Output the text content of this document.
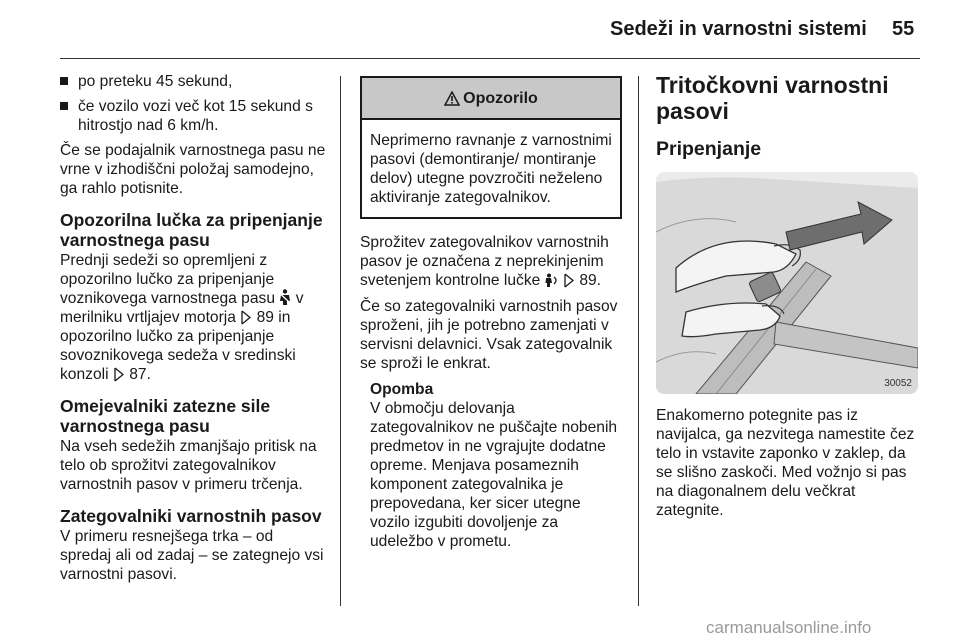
Sedeži in varnostni sistemi 55
po preteku 45 sekund,
če vozilo vozi več kot 15 sekund s hitrostjo nad 6 km/h.

Če se podajalnik varnostnega pasu ne vrne v izhodiščni položaj samodejno, ga rahlo potisnite.

Opozorilna lučka za pripenjanje varnostnega pasu

Prednji sedeži so opremljeni z opozorilno lučko za pripenjanje voznikovega varnostnega pasu v merilniku vrtljajev motorja 89 in opozorilno lučko za pripenjanje sovoznikovega sedeža v sredinski konzoli 87.

Omejevalniki zatezne sile varnostnega pasu

Na vseh sedežih zmanjšajo pritisk na telo ob sprožitvi zategovalnikov varnostnih pasov v primeru trčenja.

Zategovalniki varnostnih pasov

V primeru resnejšega trka – od spredaj ali od zadaj – se zategnejo vsi varnostni pasovi.

Opozorilo
Neprimerno ravnanje z varnostnimi pasovi (demontiranje/ montiranje delov) utegne povzročiti neželeno aktiviranje zategovalnikov.

Sprožitev zategovalnikov varnostnih pasov je označena z neprekinjenim svetenjem kontrolne lučke	89.

Če so zategovalniki varnostnih pasov sproženi, jih je potrebno zamenjati v servisni delavnici. Vsak zategovalnik se sproži le enkrat.

Opomba
V območju delovanja zategovalnikov ne puščajte nobenih predmetov in ne vgrajujte dodatne opreme. Menjava posameznih komponent zategovalnika je prepovedana, ker sicer utegne vozilo izgubiti dovoljenje za udeležbo v prometu.
Tritočkovni varnostni pasovi
Pripenjanje
30052

Enakomerno potegnite pas iz navijalca, ga nezvitega namestite čez telo in vstavite zaponko v zaklep, da se slišno zaskoči. Med vožnjo si pas na diagonalnem delu večkrat zategnite.

carmanualsonline.info
